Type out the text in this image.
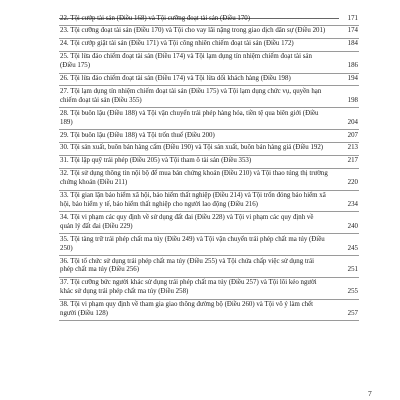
22. Tội cướp tài sản (Điều 168) và Tội cưỡng đoạt tài sản (Điều 170)	171
23. Tội cưỡng đoạt tài sản (Điều 170) và Tội cho vay lãi nặng trong giao dịch dân sự (Điều 201)	174
24. Tội cướp giật tài sản (Điều 171) và Tội công nhiên chiếm đoạt tài sản (Điều 172)	184
25. Tội lừa đảo chiếm đoạt tài sản (Điều 174) và Tội lạm dụng tín nhiệm chiếm đoạt tài sản (Điều 175)	186
26. Tội lừa đảo chiếm đoạt tài sản (Điều 174) và Tội lừa dối khách hàng (Điều 198)	194
27. Tội lạm dụng tín nhiệm chiếm đoạt tài sản (Điều 175) và Tội lạm dụng chức vụ, quyền hạn chiếm đoạt tài sản (Điều 355)	198
28. Tội buôn lậu (Điều 188) và Tội vận chuyển trái phép hàng hóa, tiền tệ qua biên giới (Điều 189)	204
29. Tội buôn lậu (Điều 188) và Tội trốn thuế (Điều 200)	207
30. Tội sản xuất, buôn bán hàng cấm (Điều 190) và Tội sản xuất, buôn bán hàng giả (Điều 192)	213
31. Tội lập quỹ trái phép (Điều 205) và Tội tham ô tài sản (Điều 353)	217
32. Tội sử dụng thông tin nội bộ để mua bán chứng khoán (Điều 210) và Tội thao túng thị trường chứng khoán (Điều 211)	220
33. Tội gian lận bảo hiểm xã hội, bảo hiểm thất nghiệp (Điều 214) và Tội trốn đóng bảo hiểm xã hội, bảo hiểm y tế, bảo hiểm thất nghiệp cho người lao động (Điều 216)	234
34. Tội vi phạm các quy định về sử dụng đất đai (Điều 228) và Tội vi phạm các quy định về quản lý đất đai (Điều 229)	240
35. Tội tàng trữ trái phép chất ma túy (Điều 249) và Tội vận chuyển trái phép chất ma túy (Điều 250)	245
36. Tội tổ chức sử dụng trái phép chất ma túy (Điều 255) và Tội chứa chấp việc sử dụng trái phép chất ma túy (Điều 256)	251
37. Tội cưỡng bức người khác sử dụng trái phép chất ma túy (Điều 257) và Tội lôi kéo người khác sử dụng trái phép chất ma túy (Điều 258)	255
38. Tội vi phạm quy định về tham gia giao thông đường bộ (Điều 260) và Tội vô ý làm chết người (Điều 128)	257
7
